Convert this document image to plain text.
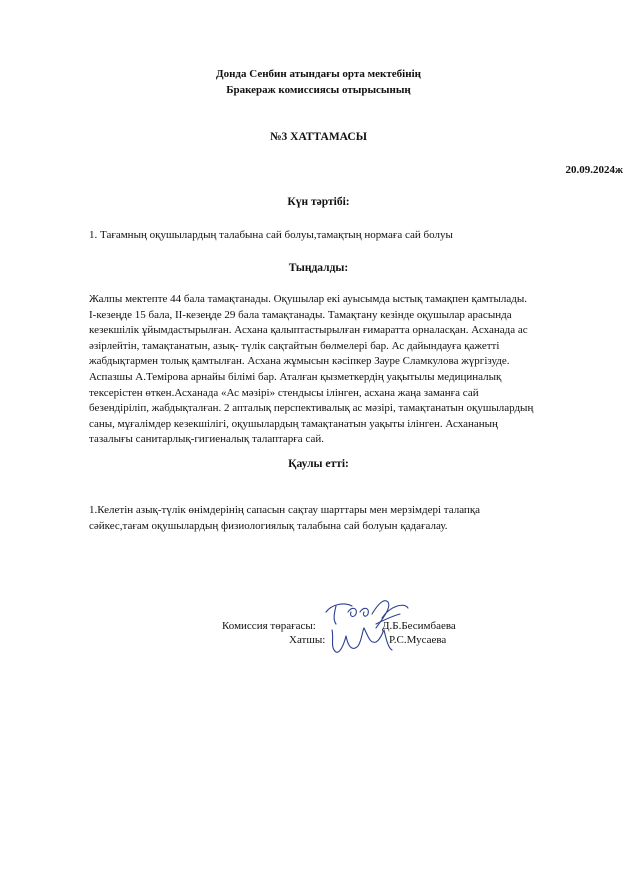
Донда Сенбин атындағы орта мектебінің
Бракераж комиссиясы отырысының
№3 ХАТТАМАСЫ
20.09.2024ж
Күн тәртібі:
1. Тағамның оқушылардың талабына сай болуы,тамақтың нормаға сай болуы
Тыңдалды:
Жалпы мектепте 44 бала тамақтанады. Оқушылар екі ауысымда ыстық тамақпен қамтылады.
І-кезеңде 15 бала, ІІ-кезеңде 29 бала тамақтанады. Тамақтану кезінде оқушылар арасында
кезекшілік ұйымдастырылған. Асхана қалыптастырылған ғимаратта орналасқан. Асханада ас
әзірлейтін, тамақтанатын, азық- түлік сақтайтын бөлмелері бар. Ас дайындауға қажетті
жабдықтармен толық қамтылған. Асхана жұмысын кәсіпкер Зауре Сламкулова жүргізуде.
Аспазшы А.Темірова арнайы білімі бар. Аталған қызметкердің уақытылы медициналық
тексерістен өткен.Асханада «Ас мәзірі» стендысы ілінген, асхана жаңа заманға сай
безендіріліп, жабдықталған. 2 апталық перспективалық ас мәзірі, тамақтанатын оқушылардың
саны, мұғалімдер кезекшілігі, оқушылардың тамақтанатын уақыты ілінген. Асхананың
тазалығы санитарлық-гигиеналық талаптарға сай.
Қаулы етті:
1.Келетін азық-түлік өнімдерінің сапасын сақтау шарттары мен мерзімдері талапқа
сәйкес,тағам оқушылардың физиологиялық талабына сай болуын қадағалау.
Комиссия төрағасы:	Д.Б.Бесимбаева
Хатшы:	Р.С.Мусаева
